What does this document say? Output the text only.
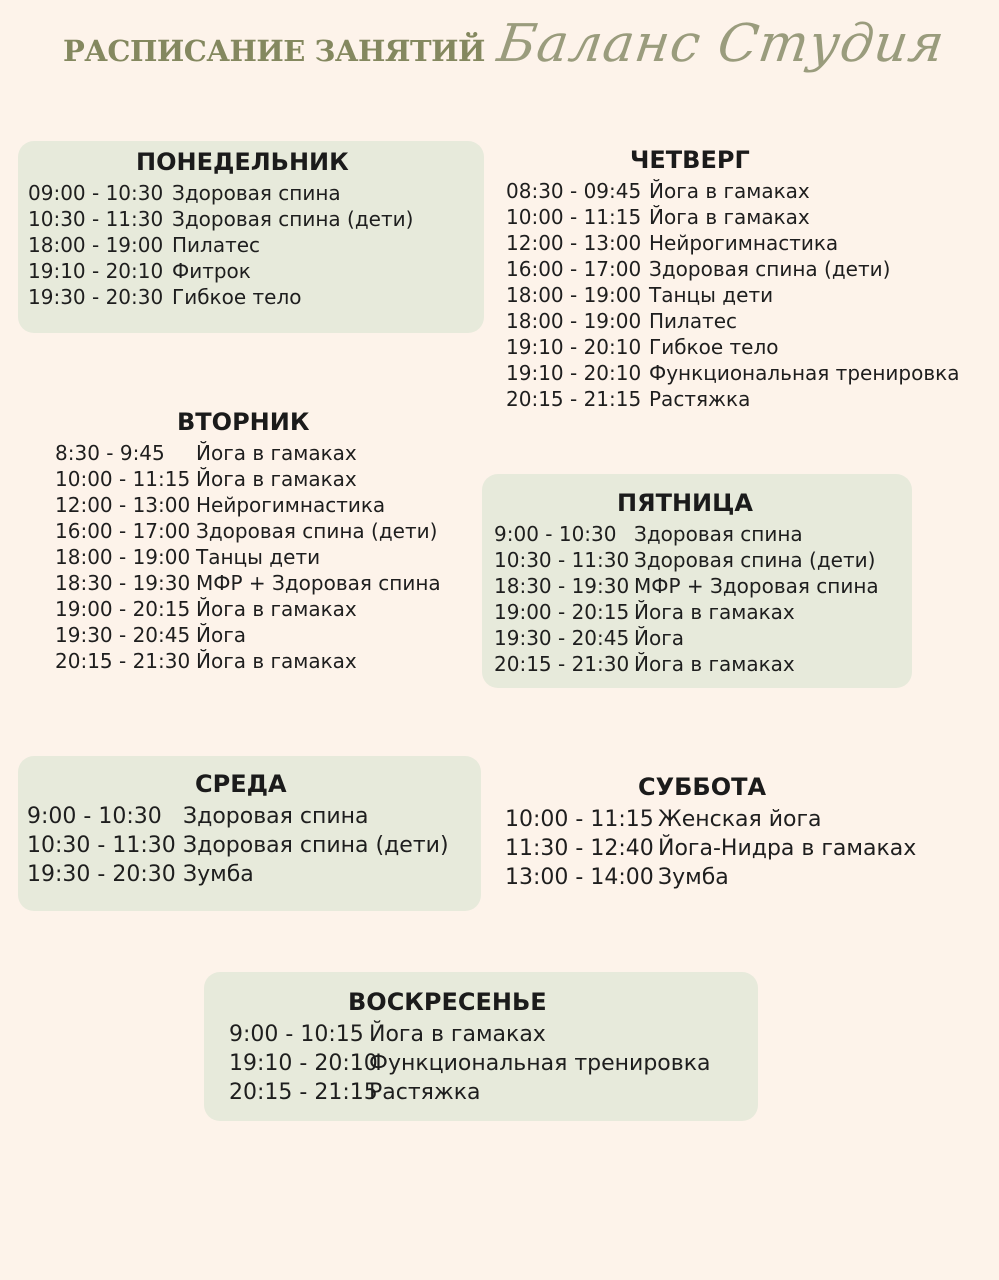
РАСПИСАНИЕ ЗАНЯТИЙ Баланс Студия
ПОНЕДЕЛЬНИК
09:00 - 10:30 Здоровая спина
10:30 - 11:30 Здоровая спина (дети)
18:00 - 19:00 Пилатес
19:10 - 20:10 Фитрок
19:30 - 20:30 Гибкое тело
ВТОРНИК
8:30 - 9:45	Йога в гамаках
10:00 - 11:15 Йога в гамаках
12:00 - 13:00 Нейрогимнастика
16:00 - 17:00 Здоровая спина (дети)
18:00 - 19:00 Танцы дети
18:30 - 19:30 МФР + Здоровая спина
19:00 - 20:15 Йога в гамаках
19:30 - 20:45 Йога
20:15 - 21:30 Йога в гамаках
СРЕДА
9:00 - 10:30 Здоровая спина
10:30 - 11:30 Здоровая спина (дети)
19:30 - 20:30 Зумба
ЧЕТВЕРГ
08:30 - 09:45 Йога в гамаках
10:00 - 11:15 Йога в гамаках
12:00 - 13:00 Нейрогимнастика
16:00 - 17:00 Здоровая спина (дети)
18:00 - 19:00 Танцы дети
18:00 - 19:00 Пилатес
19:10 - 20:10 Гибкое тело
19:10 - 20:10 Функциональная тренировка
20:15 - 21:15 Растяжка
ПЯТНИЦА
9:00 - 10:30 Здоровая спина
10:30 - 11:30 Здоровая спина (дети)
18:30 - 19:30 МФР + Здоровая спина
19:00 - 20:15 Йога в гамаках
19:30 - 20:45 Йога
20:15 - 21:30 Йога в гамаках
СУББОТА
10:00 - 11:15 Женская йога
11:30 - 12:40 Йога-Нидра в гамаках
13:00 - 14:00 Зумба
ВОСКРЕСЕНЬЕ
9:00 - 10:15 Йога в гамаках
19:10 - 20:10
Функциональная тренировка
20:15 - 21:15
Растяжка
